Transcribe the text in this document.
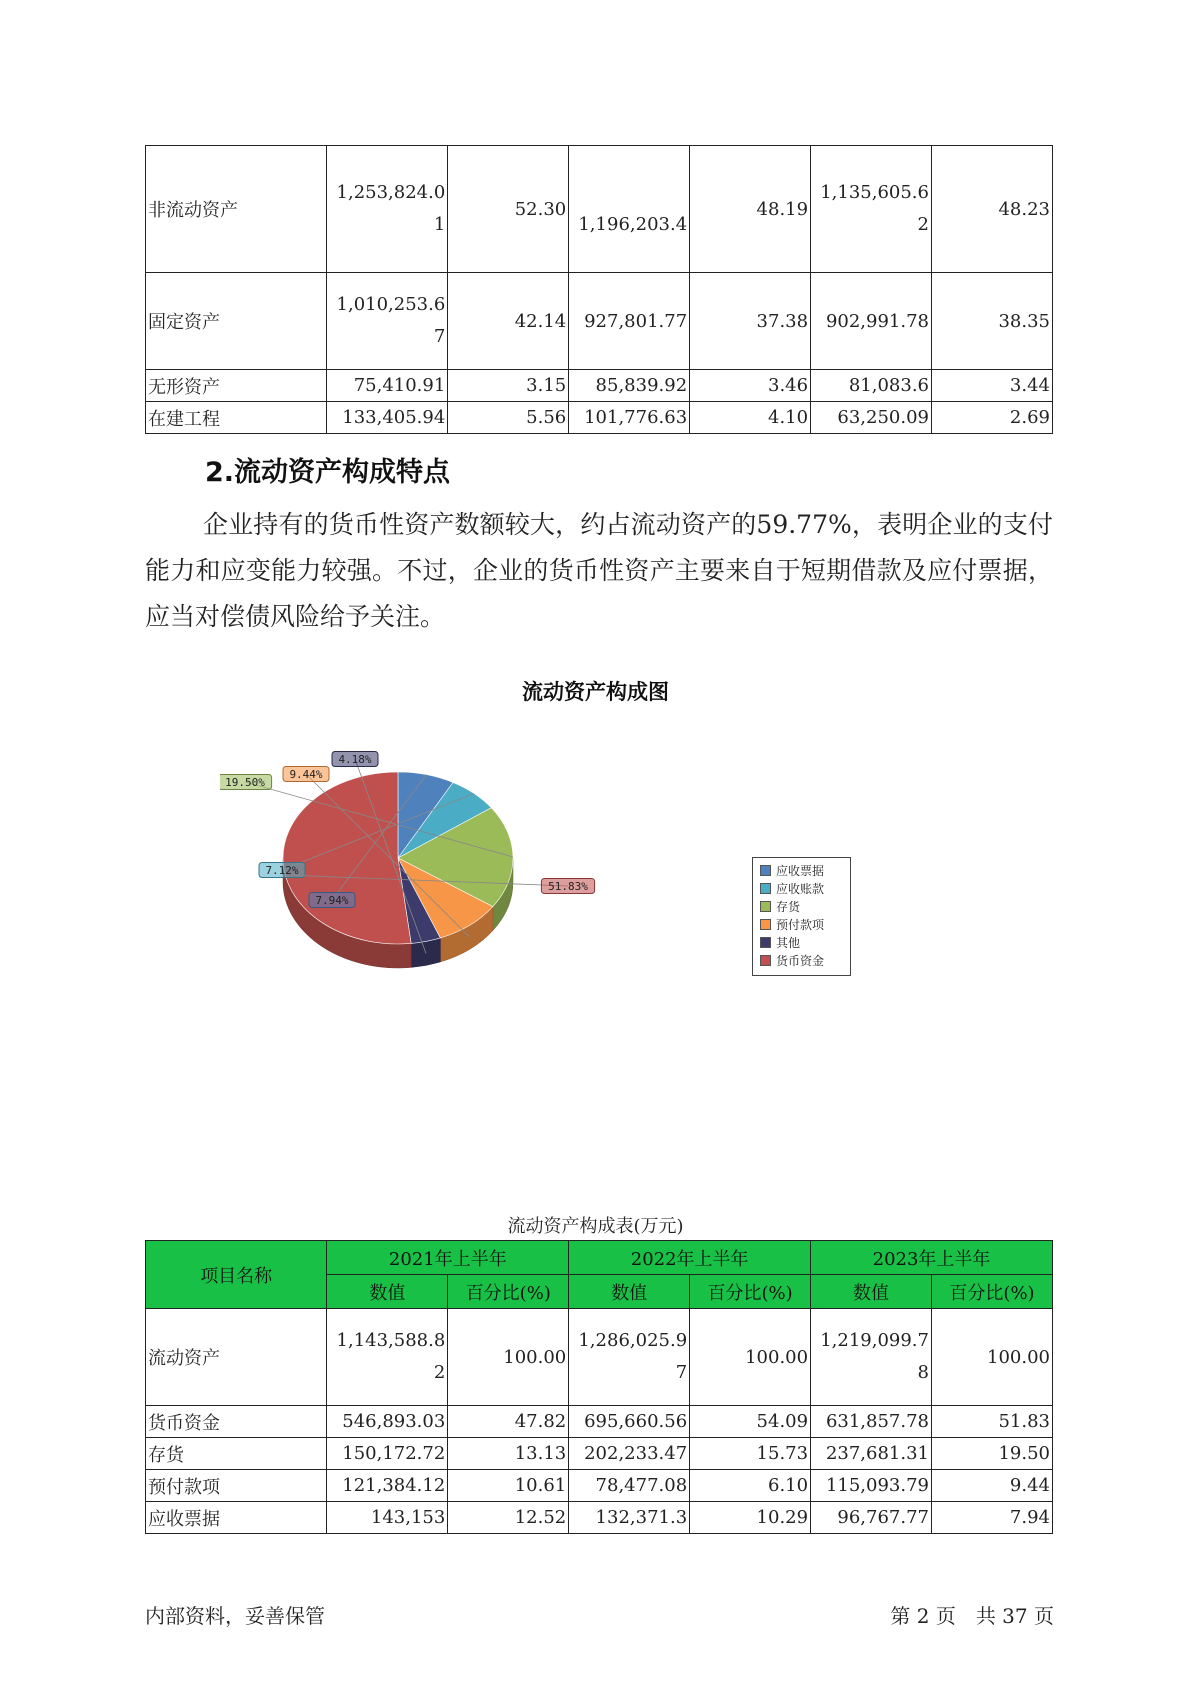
非流动资产	1,253,824.01	52.30	1,196,203.4	48.19	1,135,605.62	48.23
固定资产	1,010,253.67	42.14	927,801.77	37.38	902,991.78	38.35
无形资产	75,410.91	3.15	85,839.92	3.46	81,083.6	3.44
在建工程	133,405.94	5.56	101,776.63	4.10	63,250.09	2.69
2.流动资产构成特点

企业持有的货币性资产数额较大，约占流动资产的59.77%，表明企业的支付能力和应变能力较强。不过，企业的货币性资产主要来自于短期借款及应付票据，应当对偿债风险给予关注。

流动资产构成图
7.94%
7.12%
19.50%
9.44%
4.18%
51.83%
应收票据
应收账款
存货
预付款项
其他
货币资金
流动资产构成表(万元)
项目名称	2021年上半年		2022年上半年		2023年上半年	
	数值	百分比(%)	数值	百分比(%)	数值	百分比(%)
流动资产	1,143,588.82	100.00	1,286,025.97	100.00	1,219,099.78	100.00
货币资金	546,893.03	47.82	695,660.56	54.09	631,857.78	51.83
存货	150,172.72	13.13	202,233.47	15.73	237,681.31	19.50
预付款项	121,384.12	10.61	78,477.08	6.10	115,093.79	9.44
应收票据	143,153	12.52	132,371.3	10.29	96,767.77	7.94
内部资料，妥善保管	第 2 页　共 37 页
